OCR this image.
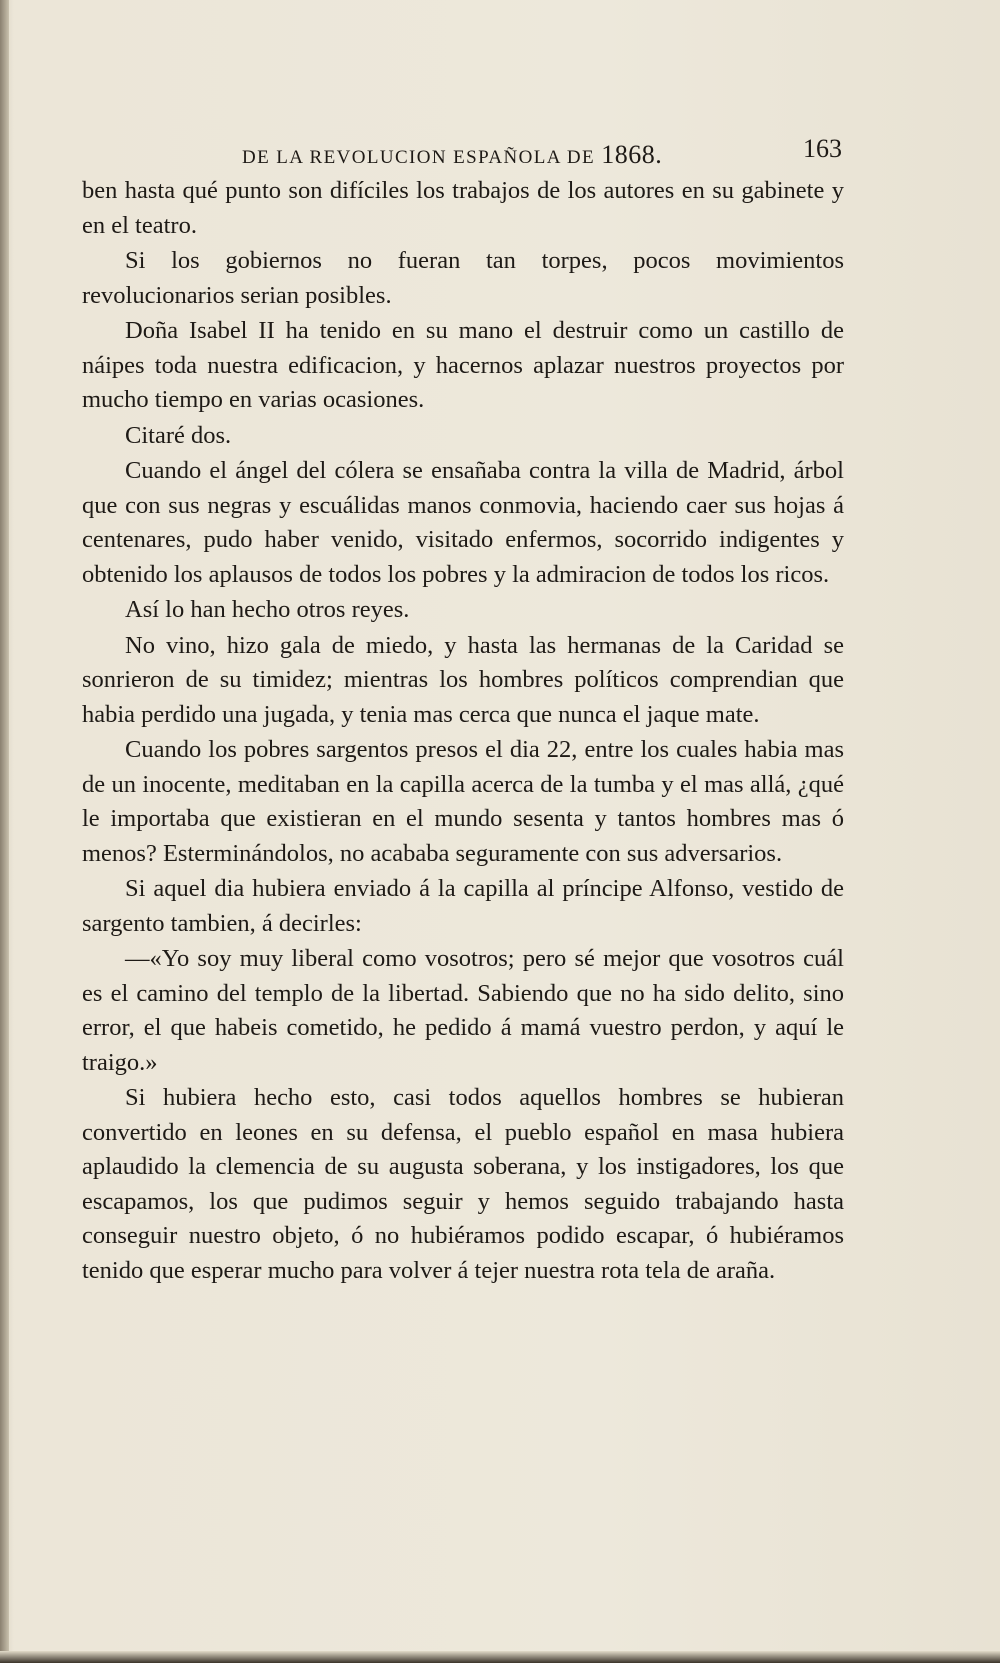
DE LA REVOLUCION ESPAÑOLA DE 1868.	163

ben hasta qué punto son difíciles los trabajos de los autores en su gabinete y en el teatro.

Si los gobiernos no fueran tan torpes, pocos movimientos revolucionarios serian posibles.

Doña Isabel II ha tenido en su mano el destruir como un castillo de náipes toda nuestra edificacion, y hacernos aplazar nuestros proyectos por mucho tiempo en varias ocasiones.

Citaré dos.

Cuando el ángel del cólera se ensañaba contra la villa de Madrid, árbol que con sus negras y escuálidas manos conmovia, haciendo caer sus hojas á centenares, pudo haber venido, visitado enfermos, socorrido indigentes y obtenido los aplausos de todos los pobres y la admiracion de todos los ricos.

Así lo han hecho otros reyes.

No vino, hizo gala de miedo, y hasta las hermanas de la Caridad se sonrieron de su timidez; mientras los hombres políticos comprendian que habia perdido una jugada, y tenia mas cerca que nunca el jaque mate.

Cuando los pobres sargentos presos el dia 22, entre los cuales habia mas de un inocente, meditaban en la capilla acerca de la tumba y el mas allá, ¿qué le importaba que existieran en el mundo sesenta y tantos hombres mas ó menos? Esterminándolos, no acababa seguramente con sus adversarios.

Si aquel dia hubiera enviado á la capilla al príncipe Alfonso, vestido de sargento tambien, á decirles:

—«Yo soy muy liberal como vosotros; pero sé mejor que vosotros cuál es el camino del templo de la libertad. Sabiendo que no ha sido delito, sino error, el que habeis cometido, he pedido á mamá vuestro perdon, y aquí le traigo.»

Si hubiera hecho esto, casi todos aquellos hombres se hubieran convertido en leones en su defensa, el pueblo español en masa hubiera aplaudido la clemencia de su augusta soberana, y los instigadores, los que escapamos, los que pudimos seguir y hemos seguido trabajando hasta conseguir nuestro objeto, ó no hubiéramos podido escapar, ó hubiéramos tenido que esperar mucho para volver á tejer nuestra rota tela de araña.
